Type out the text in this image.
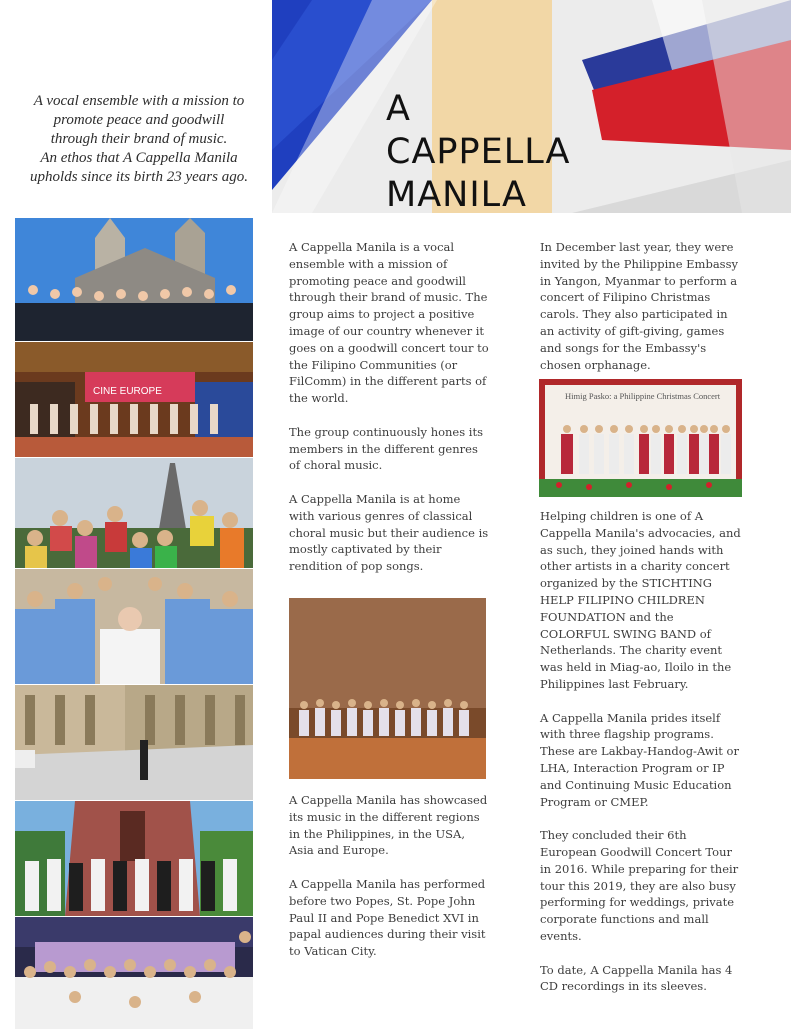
A vocal ensemble with a mission to
promote peace and goodwill
through their brand of music.
An ethos that A Cappella Manila
upholds since its birth 23 years ago.
A
CAPPELLA
MANILA
CINE EUROPE

A Cappella Manila is a vocal ensemble with a mission of promoting peace and goodwill through their brand of music. The group aims to project a positive image of our country whenever it goes on a goodwill concert tour to the Filipino Communities (or FilComm) in the different parts of the world.

The group continuously hones its members in the different genres of choral music.

A Cappella Manila is at home with various genres of classical choral music but their audience is mostly captivated by their rendition of pop songs.

A Cappella Manila has showcased its music in the different regions in the Philippines, in the USA, Asia and Europe.

A Cappella Manila has performed before two Popes, St. Pope John Paul II and Pope Benedict XVI in papal audiences during their visit to Vatican City.

In December last year, they were invited by the Philippine Embassy in Yangon, Myanmar to perform a concert of Filipino Christmas carols. They also participated in an activity of gift-giving, games and songs for the Embassy's chosen orphanage.

Himig Pasko: a Philippine Christmas Concert

Helping children is one of A Cappella Manila's advocacies, and as such, they joined hands with other artists in a charity concert organized by the STICHTING HELP FILIPINO CHILDREN FOUNDATION and the COLORFUL SWING BAND of Netherlands. The charity event was held in Miag-ao, Iloilo in the Philippines last February.

A Cappella Manila prides itself with three flagship programs. These are Lakbay-Handog-Awit or LHA, Interaction Program or IP and Continuing Music Education Program or CMEP.

They concluded their 6th European Goodwill Concert Tour in 2016. While preparing for their tour this 2019, they are also busy performing for weddings, private corporate functions and mall events.

To date, A Cappella Manila has 4 CD recordings in its sleeves.
